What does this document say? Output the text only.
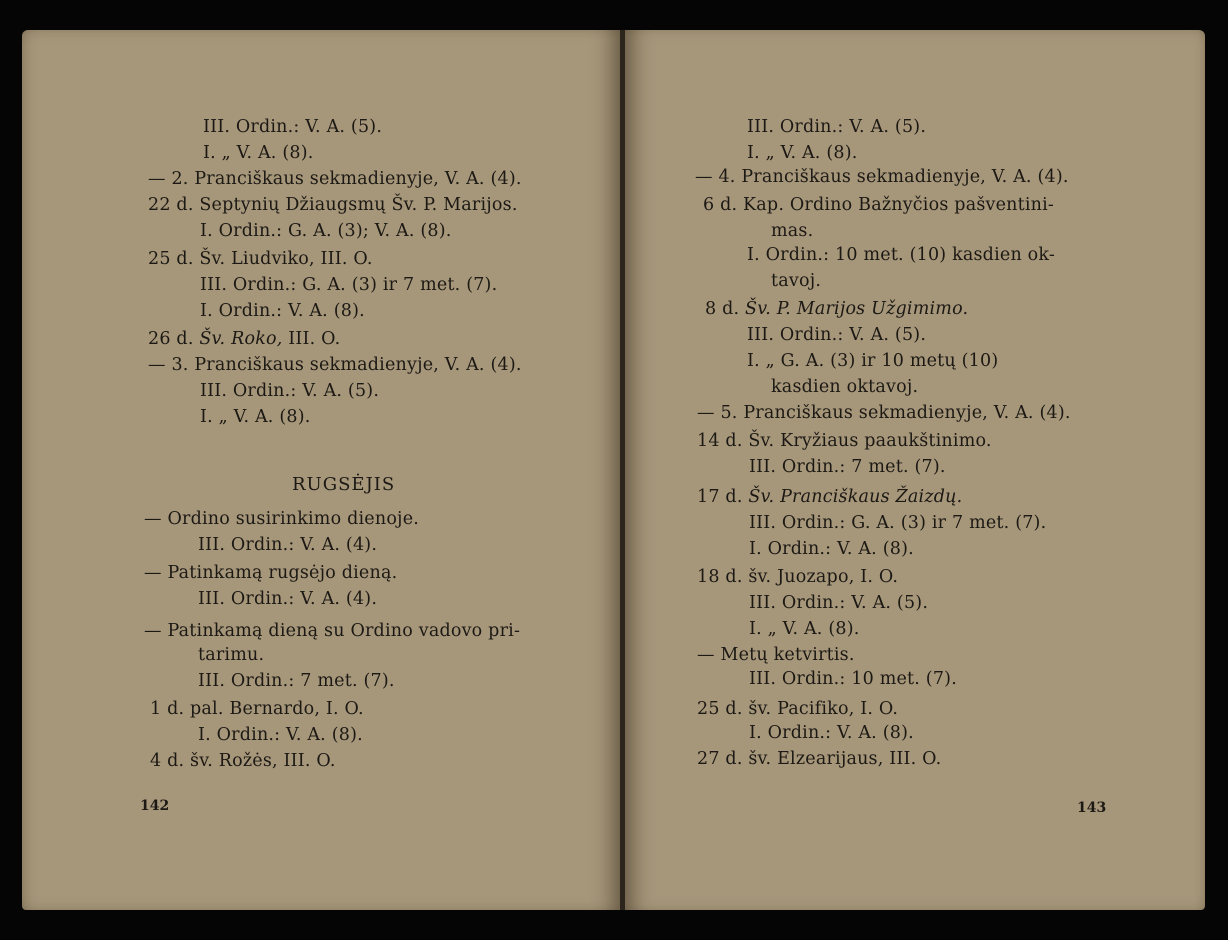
III. Ordin.: V. A. (5).
I. „ V. A. (8).
— 2. Pranciškaus sekmadienyje, V. A. (4).
22 d. Septynių Džiaugsmų Šv. P. Marijos.
I. Ordin.: G. A. (3); V. A. (8).
25 d. Šv. Liudviko, III. O.
III. Ordin.: G. A. (3) ir 7 met. (7).
I. Ordin.: V. A. (8).
26 d. Šv. Roko, III. O.
— 3. Pranciškaus sekmadienyje, V. A. (4).
III. Ordin.: V. A. (5).
I. „ V. A. (8).
RUGSĖJIS
— Ordino susirinkimo dienoje.
III. Ordin.: V. A. (4).
— Patinkamą rugsėjo dieną.
III. Ordin.: V. A. (4).
— Patinkamą dieną su Ordino vadovo pri-
tarimu.
III. Ordin.: 7 met. (7).
1 d. pal. Bernardo, I. O.
I. Ordin.: V. A. (8).
4 d. šv. Rožės, III. O.
142
III. Ordin.: V. A. (5).
I. „ V. A. (8).
— 4. Pranciškaus sekmadienyje, V. A. (4).
6 d. Kap. Ordino Bažnyčios pašventini-
mas.
I. Ordin.: 10 met. (10) kasdien ok-
tavoj.
8 d. Šv. P. Marijos Užgimimo.
III. Ordin.: V. A. (5).
I. „ G. A. (3) ir 10 metų (10)
kasdien oktavoj.
— 5. Pranciškaus sekmadienyje, V. A. (4).
14 d. Šv. Kryžiaus paaukštinimo.
III. Ordin.: 7 met. (7).
17 d. Šv. Pranciškaus Žaizdų.
III. Ordin.: G. A. (3) ir 7 met. (7).
I. Ordin.: V. A. (8).
18 d. šv. Juozapo, I. O.
III. Ordin.: V. A. (5).
I. „ V. A. (8).
— Metų ketvirtis.
III. Ordin.: 10 met. (7).
25 d. šv. Pacifiko, I. O.
I. Ordin.: V. A. (8).
27 d. šv. Elzearijaus, III. O.
143
